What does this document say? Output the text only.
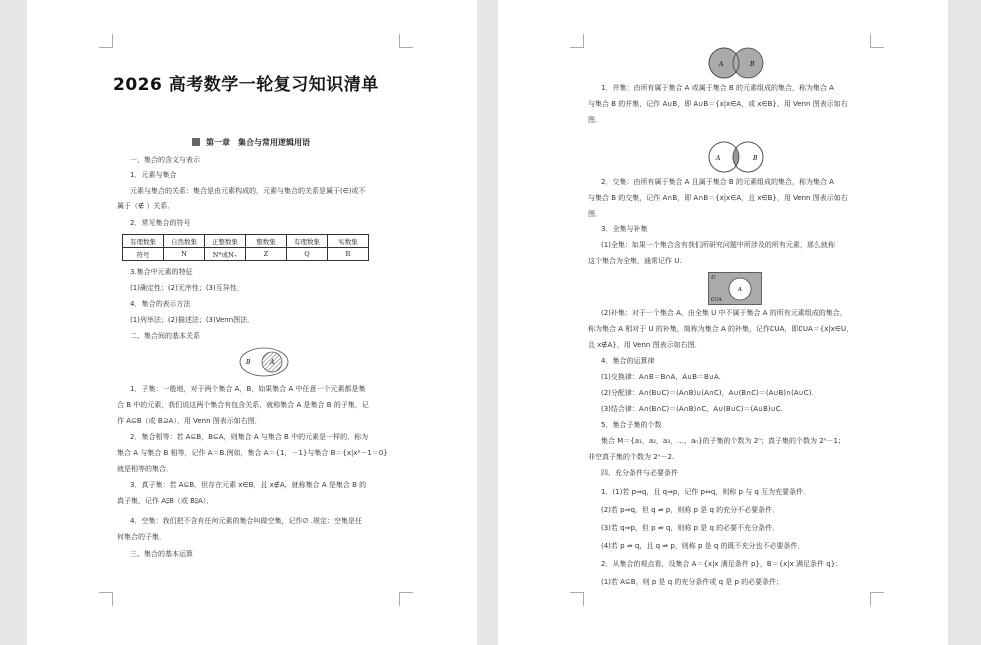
2026 高考数学一轮复习知识清单
第一章　集合与常用逻辑用语
一、集合的含义与表示
1．元素与集合
元素与集合的关系：集合是由元素构成的，元素与集合的关系是属于(∈)或不
属于（∉ ）关系．
2．常见集合的符号
有理数集	自然数集	正整数集	整数集	有理数集	实数集
符号	N	N*或N₊	Z	Q	R
3.集合中元素的特征
(1)确定性；(2)无序性；(3)互异性．
4．集合的表示方法
(1)列举法；(2)描述法；(3)Venn图法．
二、集合间的基本关系
B	A
1．子集：一般地，对于两个集合 A，B，如果集合 A 中任意一个元素都是集
合 B 中的元素，我们说这两个集合有包含关系，就称集合 A 是集合 B 的子集，记
作 A⊆B（或 B⊇A），用 Venn 图表示如右图．
2．集合相等：若 A⊆B，B⊆A，则集合 A 与集合 B 中的元素是一样的，称为
集合 A 与集合 B 相等，记作 A＝B.例如，集合 A＝{1，－1}与集合 B＝{x|x²－1＝0}
就是相等的集合．
3．真子集：若 A⊆B，但存在元素 x∈B，且 x∉A，就称集合 A 是集合 B 的
真子集，记作 A⫋B（或 B⫌A）．
4．空集：我们把不含有任何元素的集合叫做空集，记作∅ .规定：空集是任
何集合的子集．
三、集合的基本运算
A	B
1．并集：由所有属于集合 A 或属于集合 B 的元素组成的集合，称为集合 A
与集合 B 的并集，记作 A∪B，即 A∪B＝{x|x∈A，或 x∈B}，用 Venn 图表示如右
图．
A	B
2．交集：由所有属于集合 A 且属于集合 B 的元素组成的集合，称为集合 A
与集合 B 的交集，记作 A∩B，即 A∩B＝{x|x∈A，且 x∈B}，用 Venn 图表示如右
图．
3．全集与补集
(1)全集：如果一个集合含有我们所研究问题中所涉及的所有元素，那么就称
这个集合为全集，通常记作 U.
U
A
∁UA
(2)补集：对于一个集合 A，由全集 U 中不属于集合 A 的所有元素组成的集合，
称为集合 A 相对于 U 的补集，简称为集合 A 的补集，记作∁UA，即∁UA＝{x|x∈U，
且 x∉A}，用 Venn 图表示如右图．
4．集合的运算律
(1)交换律：A∩B＝B∩A，A∪B＝B∪A.
(2)分配律：A∩(B∪C)＝(A∩B)∪(A∩C)，A∪(B∩C)＝(A∪B)∩(A∪C).
(3)结合律：A∩(B∩C)＝(A∩B)∩C，A∪(B∪C)＝(A∪B)∪C.
5．集合子集的个数
集合 M＝{a₁，a₂，a₃，…，aₙ}的子集的个数为 2ⁿ；真子集的个数为 2ⁿ－1；
非空真子集的个数为 2ⁿ－2.
四、充分条件与必要条件
1．(1)若 p⇒q，且 q⇒p，记作 p⇔q，则称 p 与 q 互为充要条件．
(2)若 p⇒q，但 q ⇏ p，则称 p 是 q 的充分不必要条件．
(3)若 q⇒p，但 p ⇏ q，则称 p 是 q 的必要不充分条件．
(4)若 p ⇏ q，且 q ⇏ p，则称 p 是 q 的既不充分也不必要条件．
2．从集合的观点看，设集合 A＝{x|x 满足条件 p}，B＝{x|x 满足条件 q}：
(1)若 A⊆B，则 p 是 q 的充分条件或 q 是 p 的必要条件；
